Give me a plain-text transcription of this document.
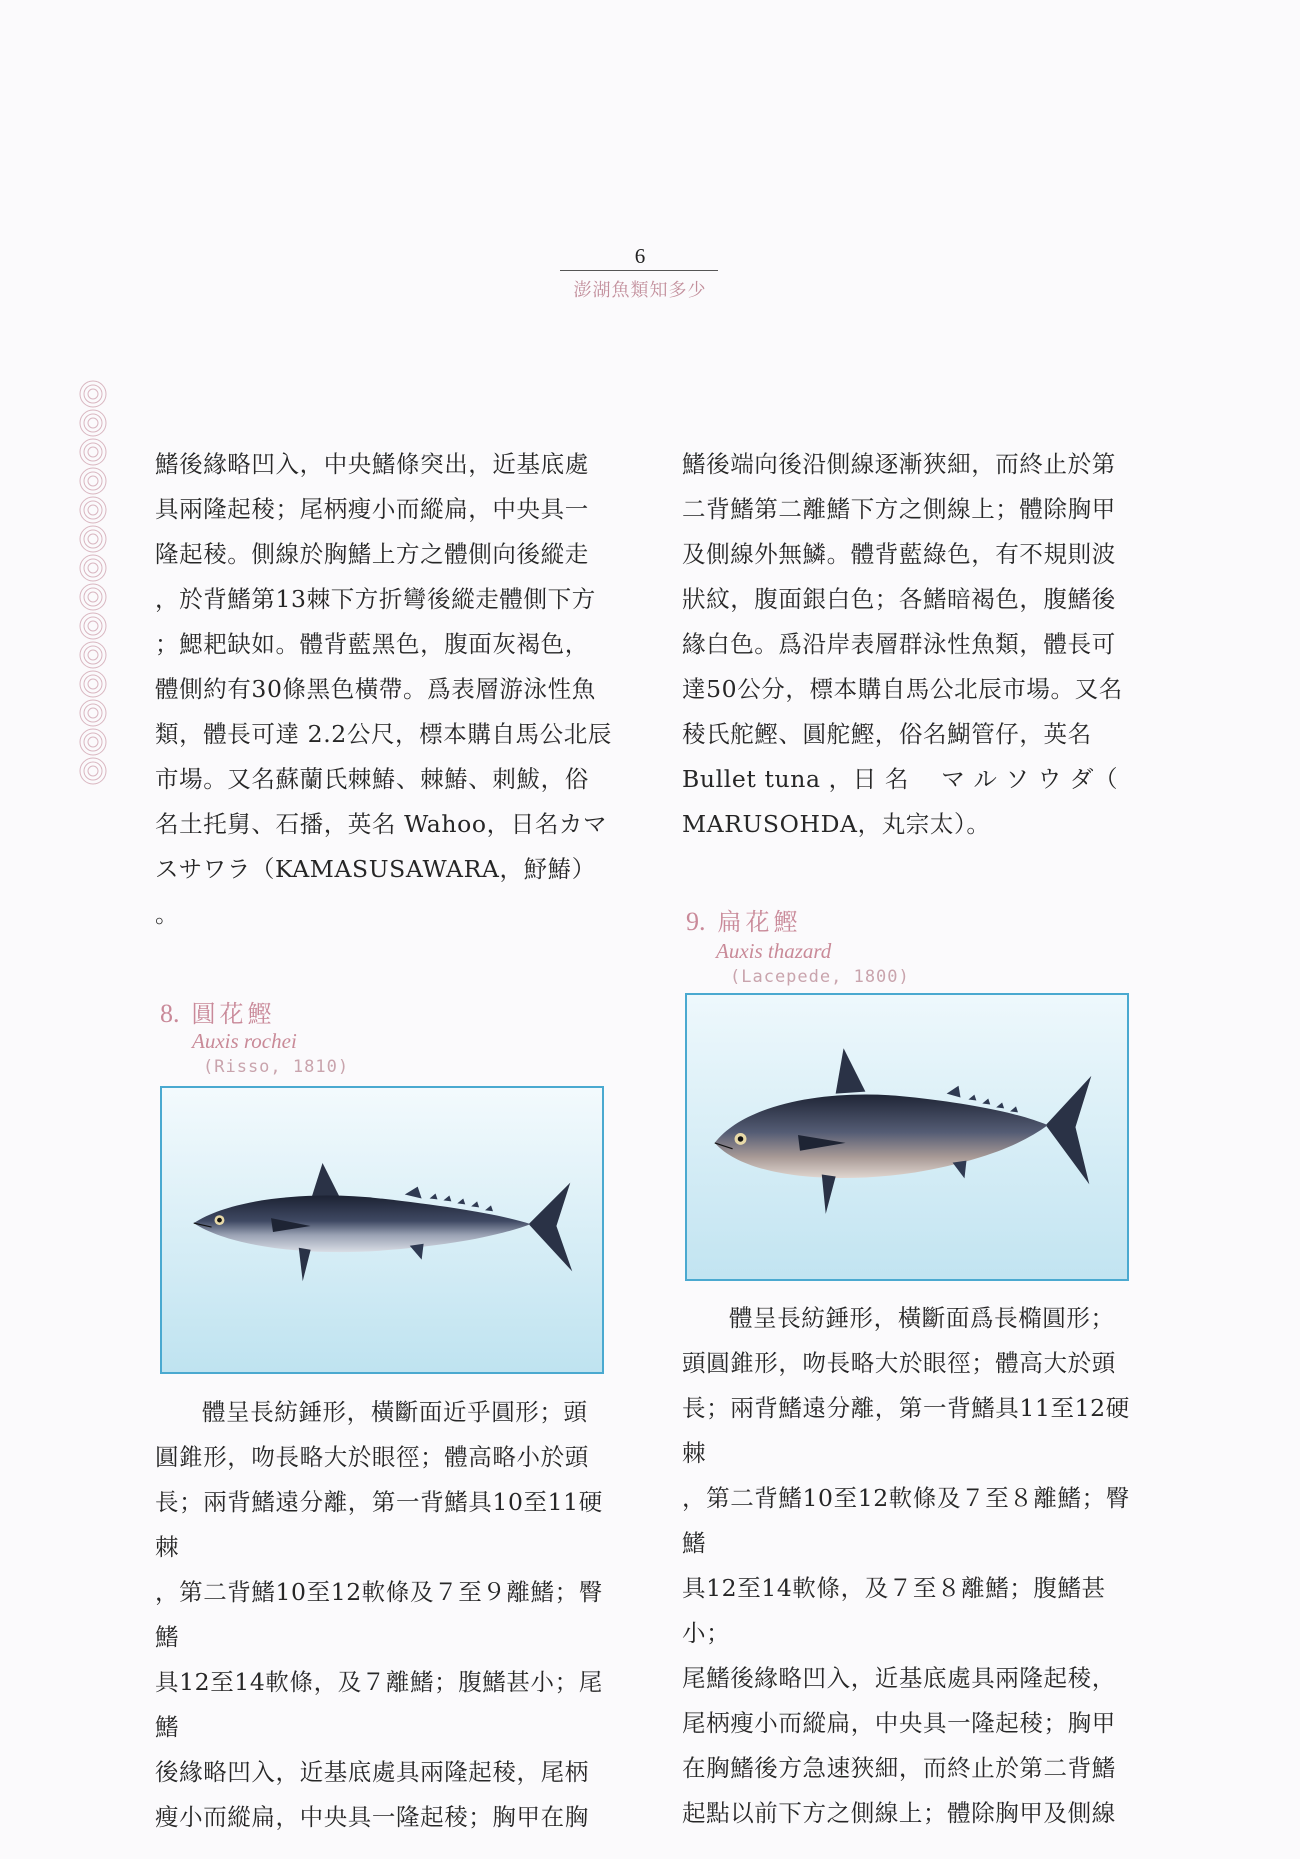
6
澎湖魚類知多少

鰭後緣略凹入，中央鰭條突出，近基底處
具兩隆起稜；尾柄瘦小而縱扁，中央具一
隆起稜。側線於胸鰭上方之體側向後縱走
，於背鰭第13棘下方折彎後縱走體側下方
；鰓耙缺如。體背藍黑色，腹面灰褐色，
體側約有30條黑色橫帶。爲表層游泳性魚
類，體長可達 2.2公尺，標本購自馬公北辰
市場。又名蘇蘭氏棘鰆、棘鰆、刺鮁，俗
名土托舅、石播，英名 Wahoo，日名カマ
スサワラ（KAMASUSAWARA，魣鰆）
。

鰭後端向後沿側線逐漸狹細，而終止於第
二背鰭第二離鰭下方之側線上；體除胸甲
及側線外無鱗。體背藍綠色，有不規則波
狀紋，腹面銀白色；各鰭暗褐色，腹鰭後
緣白色。爲沿岸表層群泳性魚類，體長可
達50公分，標本購自馬公北辰市場。又名
稜氏舵鰹、圓舵鰹，俗名鰗管仔，英名
Bullet tuna ，日 名　 マ ル ソ ウ ダ（
MARUSOHDA，丸宗太）。

8. 圓花鰹
Auxis rochei
(Risso, 1810)

體呈長紡錘形，橫斷面近乎圓形；頭
圓錐形，吻長略大於眼徑；體高略小於頭
長；兩背鰭遠分離，第一背鰭具10至11硬棘
，第二背鰭10至12軟條及７至９離鰭；臀鰭
具12至14軟條，及７離鰭；腹鰭甚小；尾鰭
後緣略凹入，近基底處具兩隆起稜，尾柄
瘦小而縱扁，中央具一隆起稜；胸甲在胸

9. 扁花鰹
Auxis thazard
(Lacepede, 1800)

體呈長紡錘形，橫斷面爲長橢圓形；
頭圓錐形，吻長略大於眼徑；體高大於頭
長；兩背鰭遠分離，第一背鰭具11至12硬棘
，第二背鰭10至12軟條及７至８離鰭；臀鰭
具12至14軟條，及７至８離鰭；腹鰭甚小；
尾鰭後緣略凹入，近基底處具兩隆起稜，
尾柄瘦小而縱扁，中央具一隆起稜；胸甲
在胸鰭後方急速狹細，而終止於第二背鰭
起點以前下方之側線上；體除胸甲及側線
